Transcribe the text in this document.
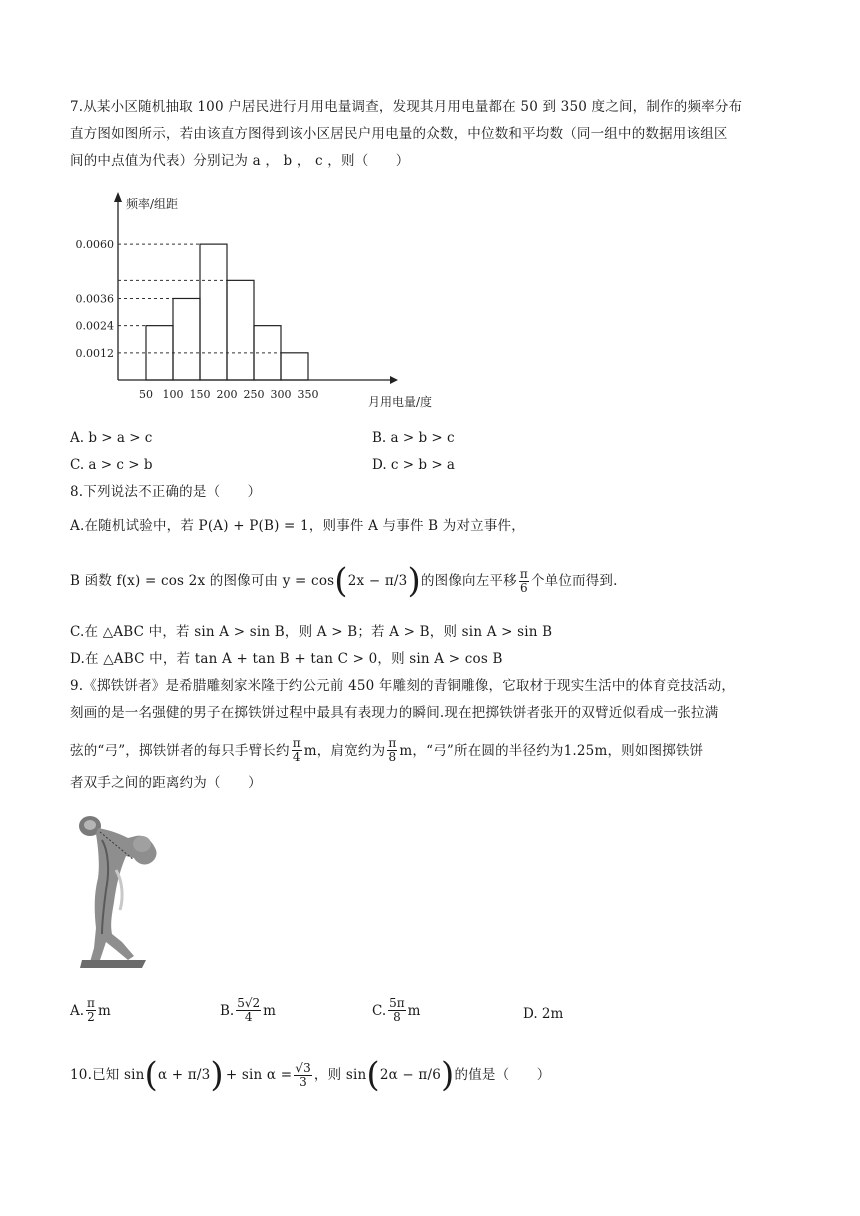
7.从某小区随机抽取 100 户居民进行月用电量调查，发现其月用电量都在 50 到 350 度之间，制作的频率分布
直方图如图所示，若由该直方图得到该小区居民户用电量的众数，中位数和平均数（同一组中的数据用该组区
间的中点值为代表）分别记为 a ， b ， c ，则（　　）
0.0012
0.0024
0.0036
0.0060
50 100 150 200 250 300 350
频率/组距
月用电量/度
A. b > a > c	B. a > b > c
C. a > c > b	D. c > b > a
8.下列说法不正确的是（　　）
A.在随机试验中，若 P(A) + P(B) = 1，则事件 A 与事件 B 为对立事件，
B 函数 f(x) = cos 2x 的图像可由 y = cos ( 2x − π/3 ) 的图像向左平移 $\frac{\pi}{6}$ 个单位而得到.
C.在 △ABC 中，若 sin A > sin B，则 A > B；若 A > B，则 sin A > sin B
D.在 △ABC 中，若 tan A + tan B + tan C > 0，则 sin A > cos B
9.《掷铁饼者》是希腊雕刻家米隆于约公元前 450 年雕刻的青铜雕像，它取材于现实生活中的体育竞技活动，
刻画的是一名强健的男子在掷铁饼过程中最具有表现力的瞬间.现在把掷铁饼者张开的双臂近似看成一张拉满
弦的“弓”，掷铁饼者的每只手臂长约 $\frac{\pi}{4}$ m，肩宽约为 $\frac{\pi}{8}$ m，“弓”所在圆的半径约为1.25m，则如图掷铁饼
者双手之间的距离约为（　　）
A. $\frac{\pi}{2}$ m	B. $\frac{5√2}{4}$ m	C. $\frac{5\pi}{8}$ m	D. 2m
10.已知 sin ( α + π/3 ) + $\sin \alpha = \frac{√3}{3}$ ，则 sin ( 2α − π/6 ) 的值是（　　）
